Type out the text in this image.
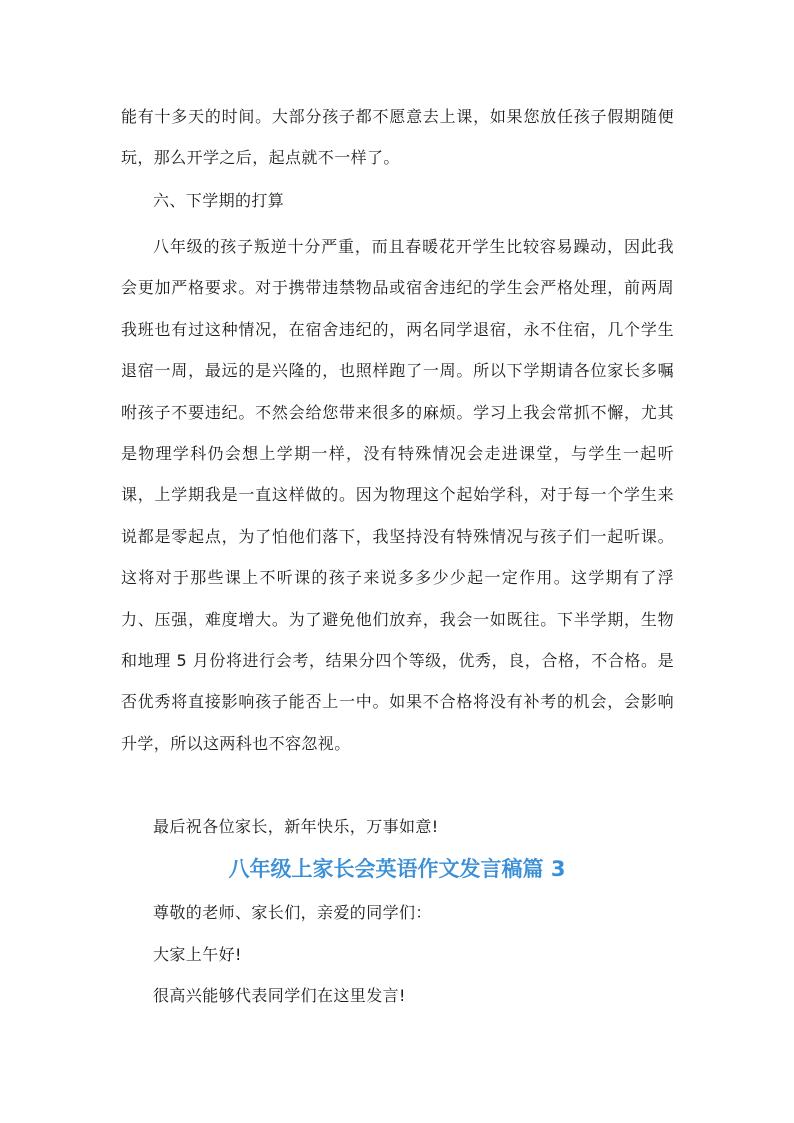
能有十多天的时间。大部分孩子都不愿意去上课，如果您放任孩子假期随便玩，那么开学之后，起点就不一样了。

六、下学期的打算

八年级的孩子叛逆十分严重，而且春暖花开学生比较容易躁动，因此我会更加严格要求。对于携带违禁物品或宿舍违纪的学生会严格处理，前两周我班也有过这种情况，在宿舍违纪的，两名同学退宿，永不住宿，几个学生退宿一周，最远的是兴隆的，也照样跑了一周。所以下学期请各位家长多嘱咐孩子不要违纪。不然会给您带来很多的麻烦。学习上我会常抓不懈，尤其是物理学科仍会想上学期一样，没有特殊情况会走进课堂，与学生一起听课，上学期我是一直这样做的。因为物理这个起始学科，对于每一个学生来说都是零起点，为了怕他们落下，我坚持没有特殊情况与孩子们一起听课。这将对于那些课上不听课的孩子来说多多少少起一定作用。这学期有了浮力、压强，难度增大。为了避免他们放弃，我会一如既往。下半学期，生物和地理 5 月份将进行会考，结果分四个等级，优秀，良，合格，不合格。是否优秀将直接影响孩子能否上一中。如果不合格将没有补考的机会，会影响升学，所以这两科也不容忽视。

最后祝各位家长，新年快乐，万事如意!

八年级上家长会英语作文发言稿篇 3

尊敬的老师、家长们，亲爱的同学们：

大家上午好!

很高兴能够代表同学们在这里发言!
